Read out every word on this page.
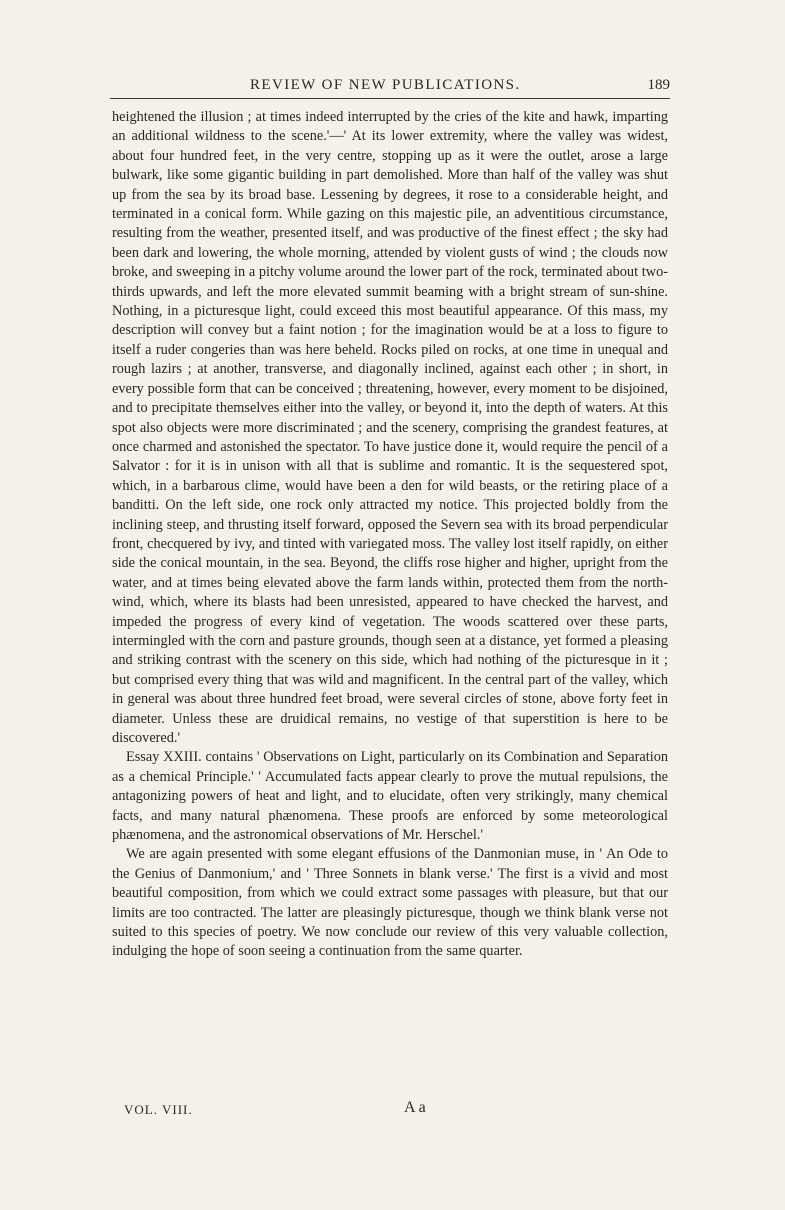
REVIEW OF NEW PUBLICATIONS.	189

heightened the illusion ; at times indeed interrupted by the cries of the kite and hawk, imparting an additional wildness to the scene.'—' At its lower extremity, where the valley was widest, about four hundred feet, in the very centre, stopping up as it were the outlet, arose a large bulwark, like some gigantic building in part demolished. More than half of the valley was shut up from the sea by its broad base. Lessening by degrees, it rose to a considerable height, and terminated in a conical form. While gazing on this majestic pile, an adventitious circumstance, resulting from the weather, presented itself, and was productive of the finest effect ; the sky had been dark and lowering, the whole morning, attended by violent gusts of wind ; the clouds now broke, and sweeping in a pitchy volume around the lower part of the rock, terminated about two-thirds upwards, and left the more elevated summit beaming with a bright stream of sun-shine. Nothing, in a picturesque light, could exceed this most beautiful appearance. Of this mass, my description will convey but a faint notion ; for the imagination would be at a loss to figure to itself a ruder congeries than was here beheld. Rocks piled on rocks, at one time in unequal and rough lazirs ; at another, transverse, and diagonally inclined, against each other ; in short, in every possible form that can be conceived ; threatening, however, every moment to be disjoined, and to precipitate themselves either into the valley, or beyond it, into the depth of waters. At this spot also objects were more discriminated ; and the scenery, comprising the grandest features, at once charmed and astonished the spectator. To have justice done it, would require the pencil of a Salvator : for it is in unison with all that is sublime and romantic. It is the sequestered spot, which, in a barbarous clime, would have been a den for wild beasts, or the retiring place of a banditti. On the left side, one rock only attracted my notice. This projected boldly from the inclining steep, and thrusting itself forward, opposed the Severn sea with its broad perpendicular front, checquered by ivy, and tinted with variegated moss. The valley lost itself rapidly, on either side the conical mountain, in the sea. Beyond, the cliffs rose higher and higher, upright from the water, and at times being elevated above the farm lands within, protected them from the north-wind, which, where its blasts had been unresisted, appeared to have checked the harvest, and impeded the progress of every kind of vegetation. The woods scattered over these parts, intermingled with the corn and pasture grounds, though seen at a distance, yet formed a pleasing and striking contrast with the scenery on this side, which had nothing of the picturesque in it ; but comprised every thing that was wild and magnificent. In the central part of the valley, which in general was about three hundred feet broad, were several circles of stone, above forty feet in diameter. Unless these are druidical remains, no vestige of that superstition is here to be discovered.'

Essay XXIII. contains ' Observations on Light, particularly on its Combination and Separation as a chemical Principle.' ' Accumulated facts appear clearly to prove the mutual repulsions, the antagonizing powers of heat and light, and to elucidate, often very strikingly, many chemical facts, and many natural phænomena. These proofs are enforced by some meteorological phænomena, and the astronomical observations of Mr. Herschel.'

We are again presented with some elegant effusions of the Danmonian muse, in ' An Ode to the Genius of Danmonium,' and ' Three Sonnets in blank verse.' The first is a vivid and most beautiful composition, from which we could extract some passages with pleasure, but that our limits are too contracted. The latter are pleasingly picturesque, though we think blank verse not suited to this species of poetry. We now conclude our review of this very valuable collection, indulging the hope of soon seeing a continuation from the same quarter.

VOL. VIII.	A a
